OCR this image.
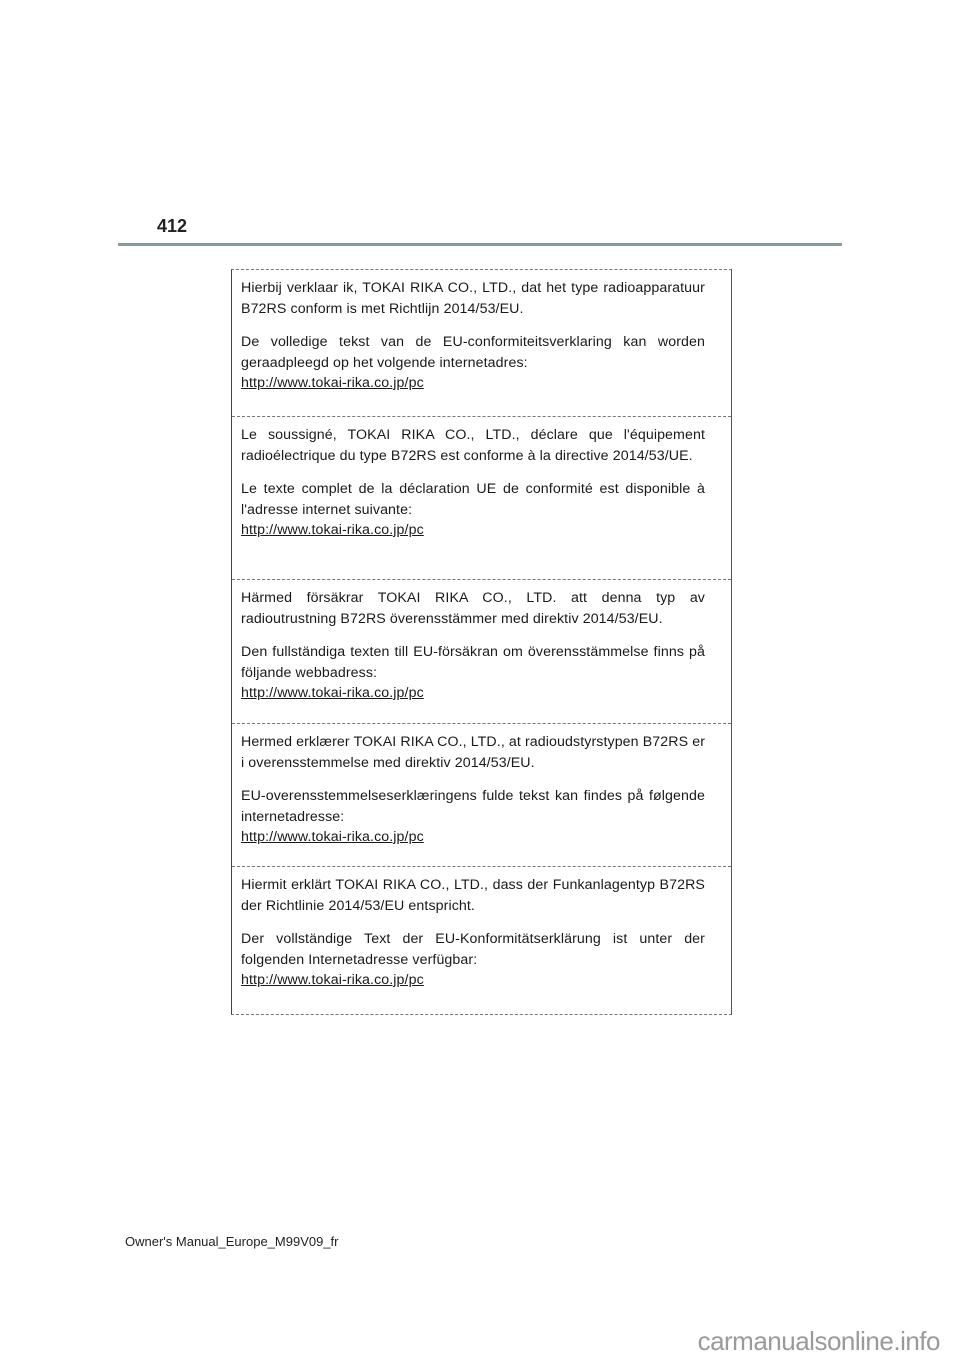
412

Hierbij verklaar ik, TOKAI RIKA CO., LTD., dat het type radioapparatuur B72RS conform is met Richtlijn 2014/53/EU.

De volledige tekst van de EU-conformiteitsverklaring kan worden geraadpleegd op het volgende internetadres:
http://www.tokai-rika.co.jp/pc

Le soussigné, TOKAI RIKA CO., LTD., déclare que l'équipement radioélectrique du type B72RS est conforme à la directive 2014/53/UE.

Le texte complet de la déclaration UE de conformité est disponible à l'adresse internet suivante:
http://www.tokai-rika.co.jp/pc

Härmed försäkrar TOKAI RIKA CO., LTD. att denna typ av radioutrustning B72RS överensstämmer med direktiv 2014/53/EU.

Den fullständiga texten till EU-försäkran om överensstämmelse finns på följande webbadress:
http://www.tokai-rika.co.jp/pc

Hermed erklærer TOKAI RIKA CO., LTD., at radioudstyrstypen B72RS er i overensstemmelse med direktiv 2014/53/EU.

EU-overensstemmelseserklæringens fulde tekst kan findes på følgende internetadresse:
http://www.tokai-rika.co.jp/pc

Hiermit erklärt TOKAI RIKA CO., LTD., dass der Funkanlagentyp B72RS der Richtlinie 2014/53/EU entspricht.

Der vollständige Text der EU-Konformitätserklärung ist unter der folgenden Internetadresse verfügbar:
http://www.tokai-rika.co.jp/pc

Owner's Manual_Europe_M99V09_fr
carmanualsonline.info
